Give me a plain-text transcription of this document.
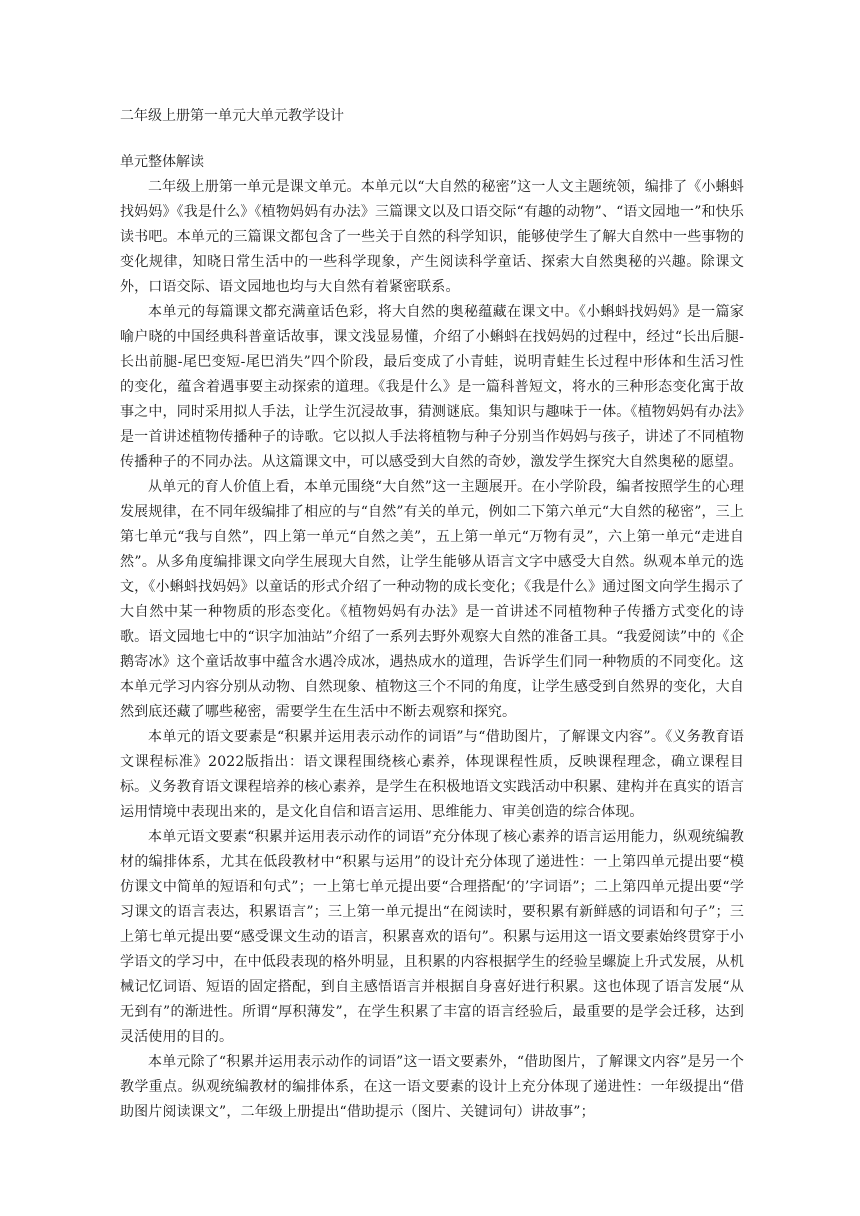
二年级上册第一单元大单元教学设计
单元整体解读

二年级上册第一单元是课文单元。本单元以“大自然的秘密”这一人文主题统领，编排了《小蝌蚪找妈妈》《我是什么》《植物妈妈有办法》三篇课文以及口语交际“有趣的动物”、“语文园地一”和快乐读书吧。本单元的三篇课文都包含了一些关于自然的科学知识，能够使学生了解大自然中一些事物的变化规律，知晓日常生活中的一些科学现象，产生阅读科学童话、探索大自然奥秘的兴趣。除课文外，口语交际、语文园地也均与大自然有着紧密联系。

本单元的每篇课文都充满童话色彩，将大自然的奥秘蕴藏在课文中。《小蝌蚪找妈妈》是一篇家喻户晓的中国经典科普童话故事，课文浅显易懂，介绍了小蝌蚪在找妈妈的过程中，经过“长出后腿-长出前腿-尾巴变短-尾巴消失”四个阶段，最后变成了小青蛙，说明青蛙生长过程中形体和生活习性的变化，蕴含着遇事要主动探索的道理。《我是什么》是一篇科普短文，将水的三种形态变化寓于故事之中，同时采用拟人手法，让学生沉浸故事，猜测谜底。集知识与趣味于一体。《植物妈妈有办法》是一首讲述植物传播种子的诗歌。它以拟人手法将植物与种子分别当作妈妈与孩子，讲述了不同植物传播种子的不同办法。从这篇课文中，可以感受到大自然的奇妙，激发学生探究大自然奥秘的愿望。

从单元的育人价值上看，本单元围绕“大自然”这一主题展开。在小学阶段，编者按照学生的心理发展规律，在不同年级编排了相应的与“自然”有关的单元，例如二下第六单元“大自然的秘密”，三上第七单元“我与自然”，四上第一单元“自然之美”，五上第一单元“万物有灵”，六上第一单元“走进自然”。从多角度编排课文向学生展现大自然，让学生能够从语言文字中感受大自然。纵观本单元的选文，《小蝌蚪找妈妈》以童话的形式介绍了一种动物的成长变化；《我是什么》通过图文向学生揭示了大自然中某一种物质的形态变化。《植物妈妈有办法》是一首讲述不同植物种子传播方式变化的诗歌。语文园地七中的“识字加油站”介绍了一系列去野外观察大自然的准备工具。“我爱阅读”中的《企鹅寄冰》这个童话故事中蕴含水遇冷成冰，遇热成水的道理，告诉学生们同一种物质的不同变化。这本单元学习内容分别从动物、自然现象、植物这三个不同的角度，让学生感受到自然界的变化，大自然到底还藏了哪些秘密，需要学生在生活中不断去观察和探究。

本单元的语文要素是“积累并运用表示动作的词语”与“借助图片，了解课文内容”。《义务教育语文课程标准》2022版指出：语文课程围绕核心素养，体现课程性质，反映课程理念，确立课程目标。义务教育语文课程培养的核心素养，是学生在积极地语文实践活动中积累、建构并在真实的语言运用情境中表现出来的，是文化自信和语言运用、思维能力、审美创造的综合体现。

本单元语文要素“积累并运用表示动作的词语”充分体现了核心素养的语言运用能力，纵观统编教材的编排体系，尤其在低段教材中“积累与运用”的设计充分体现了递进性：一上第四单元提出要“模仿课文中简单的短语和句式”；一上第七单元提出要“合理搭配‘的’字词语”；二上第四单元提出要“学习课文的语言表达，积累语言”；三上第一单元提出“在阅读时，要积累有新鲜感的词语和句子”；三上第七单元提出要“感受课文生动的语言，积累喜欢的语句”。积累与运用这一语文要素始终贯穿于小学语文的学习中，在中低段表现的格外明显，且积累的内容根据学生的经验呈螺旋上升式发展，从机械记忆词语、短语的固定搭配，到自主感悟语言并根据自身喜好进行积累。这也体现了语言发展“从无到有”的渐进性。所谓“厚积薄发”，在学生积累了丰富的语言经验后，最重要的是学会迁移，达到灵活使用的目的。

本单元除了“积累并运用表示动作的词语”这一语文要素外，“借助图片，了解课文内容”是另一个教学重点。纵观统编教材的编排体系，在这一语文要素的设计上充分体现了递进性：一年级提出“借助图片阅读课文”，二年级上册提出“借助提示（图片、关键词句）讲故事”；
